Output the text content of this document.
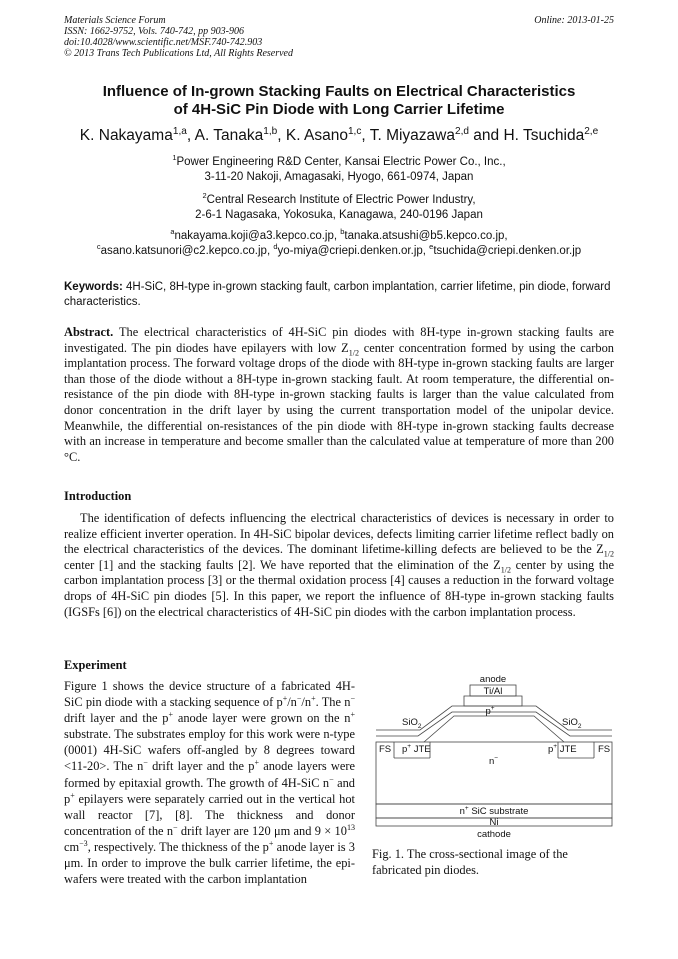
Materials Science Forum
ISSN: 1662-9752, Vols. 740-742, pp 903-906
doi:10.4028/www.scientific.net/MSF.740-742.903
© 2013 Trans Tech Publications Ltd, All Rights Reserved
Online: 2013-01-25
Influence of In-grown Stacking Faults on Electrical Characteristics
of 4H-SiC Pin Diode with Long Carrier Lifetime
K. Nakayama$^{1,a}$, A. Tanaka$^{1,b}$, K. Asano$^{1,c}$, T. Miyazawa$^{2,d}$ and H. Tsuchida$^{2,e}$
$^1$Power Engineering R&D Center, Kansai Electric Power Co., Inc.,
3-11-20 Nakoji, Amagasaki, Hyogo, 661-0974, Japan
$^2$Central Research Institute of Electric Power Industry,
2-6-1 Nagasaka, Yokosuka, Kanagawa, 240-0196 Japan
$^a$nakayama.koji@a3.kepco.co.jp, $^b$tanaka.atsushi@b5.kepco.co.jp,
$^c$asano.katsunori@c2.kepco.co.jp, $^d$yo-miya@criepi.denken.or.jp, $^e$tsuchida@criepi.denken.or.jp
Keywords: 4H-SiC, 8H-type in-grown stacking fault, carbon implantation, carrier lifetime, pin diode, forward characteristics.
Abstract. The electrical characteristics of 4H-SiC pin diodes with 8H-type in-grown stacking faults are investigated. The pin diodes have epilayers with low $Z_{1/2}$ center concentration formed by using the carbon implantation process. The forward voltage drops of the diode with 8H-type in-grown stacking faults are larger than those of the diode without a 8H-type in-grown stacking fault. At room temperature, the differential on-resistance of the pin diode with 8H-type in-grown stacking faults is larger than the value calculated from donor concentration in the drift layer by using the current transportation model of the unipolar device. Meanwhile, the differential on-resistances of the pin diode with 8H-type in-grown stacking faults decrease with an increase in temperature and become smaller than the calculated value at temperature of more than 200 °C.
Introduction
The identification of defects influencing the electrical characteristics of devices is necessary in order to realize efficient inverter operation. In 4H-SiC bipolar devices, defects limiting carrier lifetime reflect badly on the electrical characteristics of the devices. The dominant lifetime-killing defects are believed to be the $Z_{1/2}$ center [1] and the stacking faults [2]. We have reported that the elimination of the $Z_{1/2}$ center by using the carbon implantation process [3] or the thermal oxidation process [4] causes a reduction in the forward voltage drops of 4H-SiC pin diodes [5]. In this paper, we report the influence of 8H-type in-grown stacking faults (IGSFs [6]) on the electrical characteristics of 4H-SiC pin diodes with the carbon implantation process.
Experiment
Figure 1 shows the device structure of a fabricated 4H-SiC pin diode with a stacking sequence of p+/n−/n+. The n− drift layer and the p+ anode layer were grown on the n+ substrate. The substrates employ for this work were n-type (0001) 4H-SiC wafers off-angled by 8 degrees toward <11-20>. The n− drift layer and the p+ anode layers were formed by epitaxial growth. The growth of 4H-SiC n− and p+ epilayers were separately carried out in the vertical hot wall reactor [7], [8]. The thickness and donor concentration of the n− drift layer are 120 μm and $9 \times 10^{13}$ $cm^{-3}$, respectively. The thickness of the p+ anode layer is 3 μm. In order to improve the bulk carrier lifetime, the epi-wafers were treated with the carbon implantation
anode
Ti/Al
p+
SiO$_2$	SiO$_2$
FS	FS
p+ JTE	p+ JTE
n−
n+ SiC substrate
Ni
cathode
Fig. 1. The cross-sectional image of the fabricated pin diodes.
